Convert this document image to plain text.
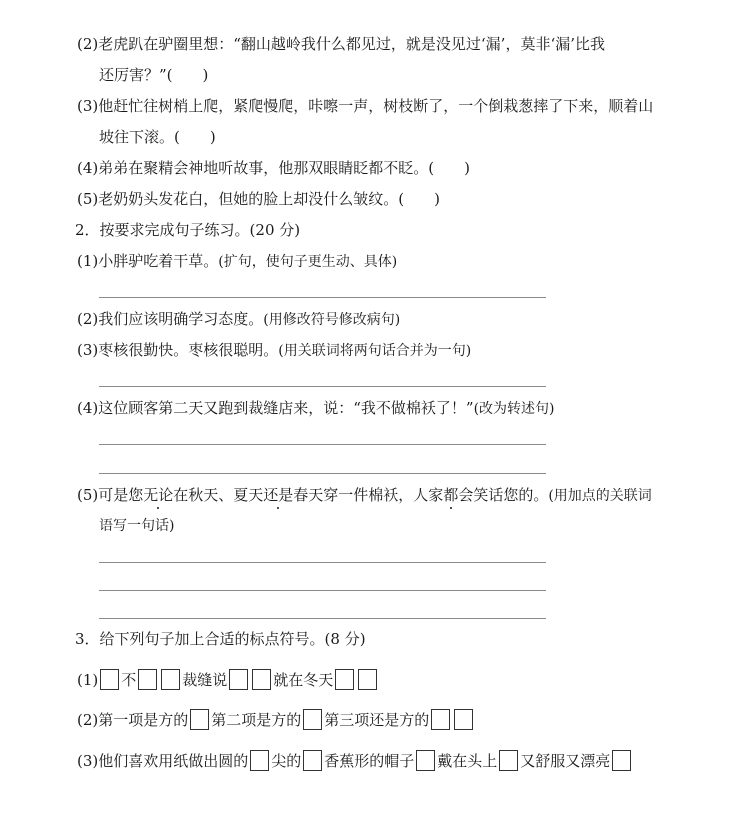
(2)老虎趴在驴圈里想：“翻山越岭我什么都见过，就是没见过‘漏’，莫非‘漏’比我
还厉害？”(　　)
(3)他赶忙往树梢上爬，紧爬慢爬，咔嚓一声，树枝断了，一个倒栽葱摔了下来，顺着山
坡往下滚。(　　)
(4)弟弟在聚精会神地听故事，他那双眼睛眨都不眨。(　　)
(5)老奶奶头发花白，但她的脸上却没什么皱纹。(　　)
2．按要求完成句子练习。(20 分)
(1)小胖驴吃着干草。(扩句，使句子更生动、具体)
(2)我们应该明确学习态度。(用修改符号修改病句)
(3)枣核很勤快。枣核很聪明。(用关联词将两句话合并为一句)
(4)这位顾客第二天又跑到裁缝店来，说：“我不做棉袄了！”(改为转述句)
(5)可是您无论在秋天、夏天还是春天穿一件棉袄，人家都会笑话您的。(用加点的关联词
语写一句话)
3．给下列句子加上合适的标点符号。(8 分)
(1) 不	裁缝说	就在冬天
(2)第一项是方的 第二项是方的 第三项还是方的
(3)他们喜欢用纸做出圆的 尖的 香蕉形的帽子 戴在头上 又舒服又漂亮
